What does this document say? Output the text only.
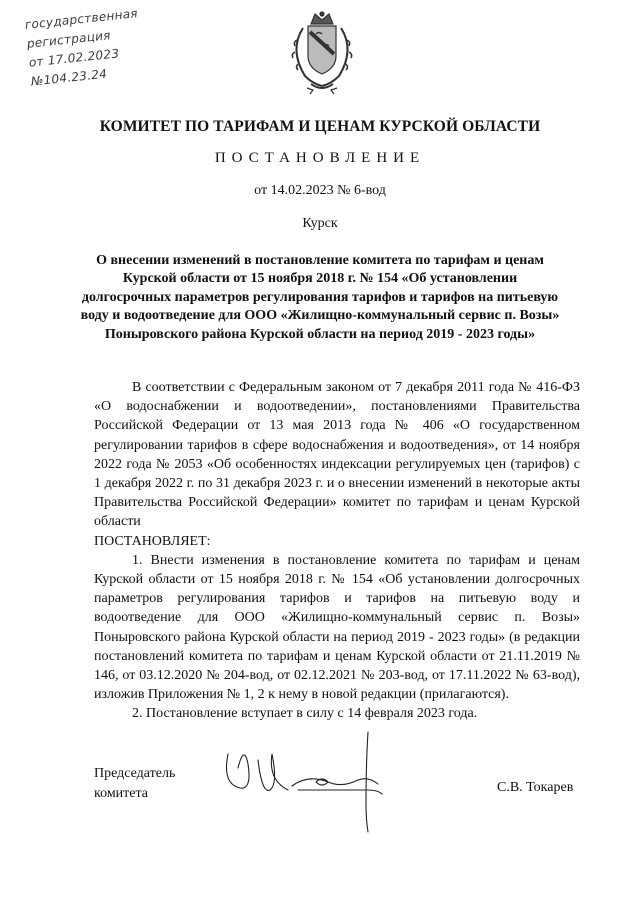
государственная
регистрация
от 17.02.2023
№104.23.24
КОМИТЕТ ПО ТАРИФАМ И ЦЕНАМ КУРСКОЙ ОБЛАСТИ
ПОСТАНОВЛЕНИЕ
от 14.02.2023 № 6-вод
Курск
О внесении изменений в постановление комитета по тарифам и ценам Курской области от 15 ноября 2018 г. № 154 «Об установлении долгосрочных параметров регулирования тарифов и тарифов на питьевую воду и водоотведение для ООО «Жилищно-коммунальный сервис п. Возы» Поныровского района Курской области на период 2019 - 2023 годы»

В соответствии с Федеральным законом от 7 декабря 2011 года № 416-ФЗ «О водоснабжении и водоотведении», постановлениями Правительства Российской Федерации от 13 мая 2013 года № 406 «О государственном регулировании тарифов в сфере водоснабжения и водоотведения», от 14 ноября 2022 года № 2053 «Об особенностях индексации регулируемых цен (тарифов) с 1 декабря 2022 г. по 31 декабря 2023 г. и о внесении изменений в некоторые акты Правительства Российской Федерации» комитет по тарифам и ценам Курской области

ПОСТАНОВЛЯЕТ:

1. Внести изменения в постановление комитета по тарифам и ценам Курской области от 15 ноября 2018 г. № 154 «Об установлении долгосрочных параметров регулирования тарифов и тарифов на питьевую воду и водоотведение для ООО «Жилищно-коммунальный сервис п. Возы» Поныровского района Курской области на период 2019 - 2023 годы» (в редакции постановлений комитета по тарифам и ценам Курской области от 21.11.2019 № 146, от 03.12.2020 № 204-вод, от 02.12.2021 № 203-вод, от 17.11.2022 № 63-вод), изложив Приложения № 1, 2 к нему в новой редакции (прилагаются).

2. Постановление вступает в силу с 14 февраля 2023 года.

Председатель
комитета	С.В. Токарев
